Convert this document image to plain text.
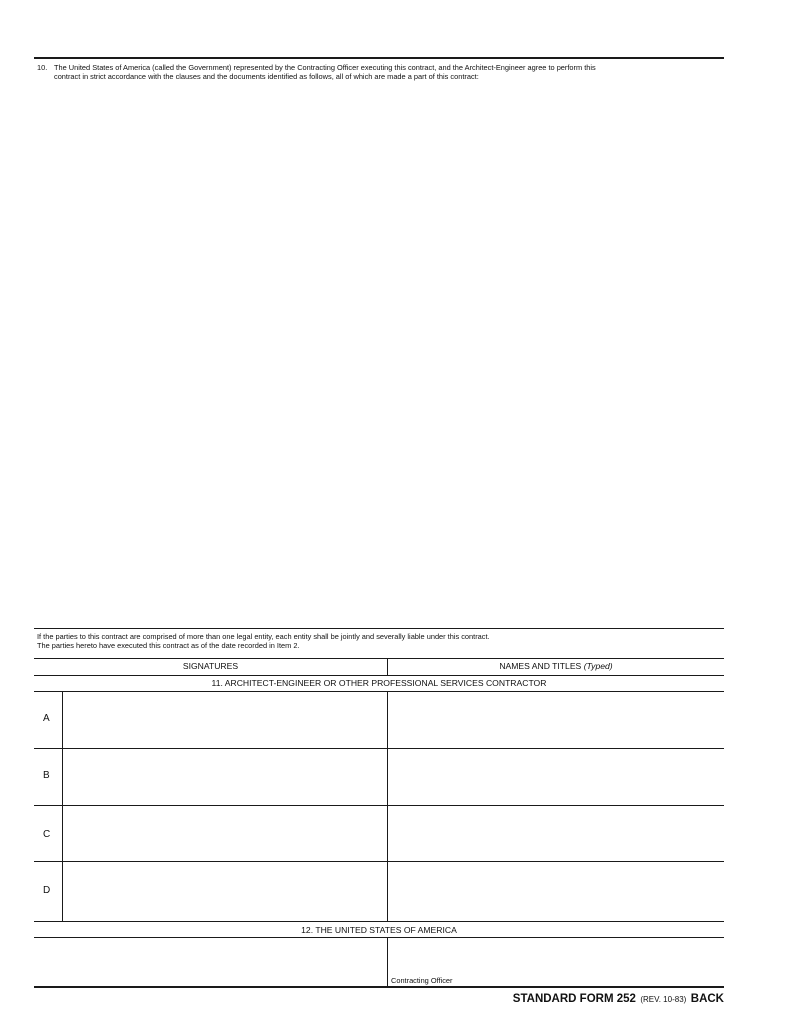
10. The United States of America (called the Government) represented by the Contracting Officer executing this contract, and the Architect-Engineer agree to perform this
contract in strict accordance with the clauses and the documents identified as follows, all of which are made a part of this contract:
If the parties to this contract are comprised of more than one legal entity, each entity shall be jointly and severally liable under this contract.
The parties hereto have executed this contract as of the date recorded in Item 2.
SIGNATURES	NAMES AND TITLES (Typed)
11. ARCHITECT-ENGINEER OR OTHER PROFESSIONAL SERVICES CONTRACTOR
A
B
C
D
12. THE UNITED STATES OF AMERICA
Contracting Officer
STANDARD FORM 252 (REV. 10-83) BACK
